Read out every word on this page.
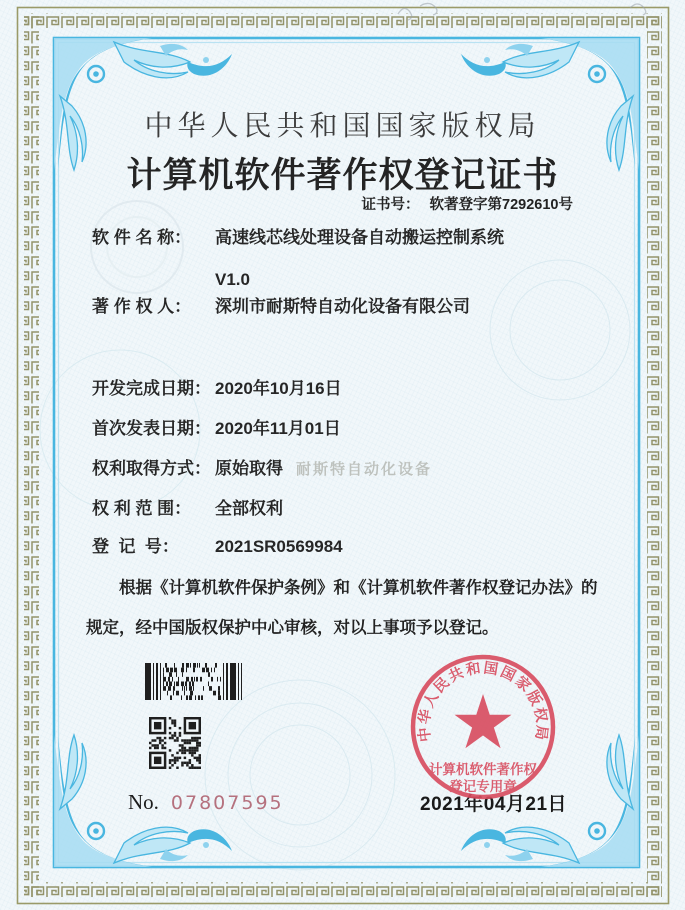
中华人民共和国国家版权局
计算机软件著作权登记证书
证书号： 软著登字第7292610号
软 件 名 称：	高速线芯线处理设备自动搬运控制系统

V1.0
著 作 权 人：	深圳市耐斯特自动化设备有限公司
开发完成日期： 2020年10月16日
首次发表日期： 2020年11月01日
权利取得方式： 原始取得
权 利 范 围：	全部权利
登  记  号：	2021SR0569984
耐斯特自动化设备
根据《计算机软件保护条例》和《计算机软件著作权登记办法》的规定，经中国版权保护中心审核，对以上事项予以登记。
No. 07807595	2021年04月21日
中华人民共和国国家版权局
计算机软件著作权
登记专用章
